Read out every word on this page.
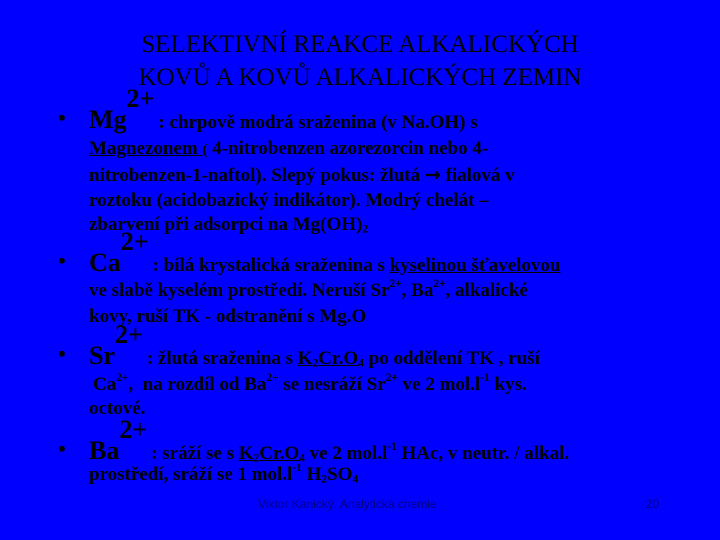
SELEKTIVNÍ REAKCE ALKALICKÝCH
KOVŮ A KOVŮ ALKALICKÝCH ZEMIN
• $Mg^{2+}$ : chrpově modrá sraženina (v Na.OH) s
Magnezonem ( 4-nitrobenzen azorezorcin nebo 4-
nitrobenzen-1-naftol). Slepý pokus: žlutá → fialová v
roztoku (acidobazický indikátor). Modrý chelát –
zbarvení při adsorpci na $Mg(OH)_2$
• $Ca^{2+}$ : bílá krystalická sraženina s kyselinou šťavelovou
ve slabě kyselém prostředí. Neruší $Sr^{2+}$, $Ba^{2+}$, alkalické
kovy, ruší TK - odstranění s Mg.O
• $Sr^{2+}$ : žlutá sraženina s $K_2Cr.O_4$ po oddělení TK , ruší
$Ca^{2+}$,  na rozdíl od $Ba^{2+}$ se nesráží $Sr^{2+}$ ve 2 $mol.l^{-1}$ kys.
octové.
• $Ba^{2+}$ : sráží se s $K_2Cr.O_4$ ve 2 $mol.l^{-1}$ HAc, v neutr. / alkal.
prostředí, sráží se 1 $mol.l^{-1}$ $H_2SO_4$
Viktor Kanický, Analytická chemie	20
